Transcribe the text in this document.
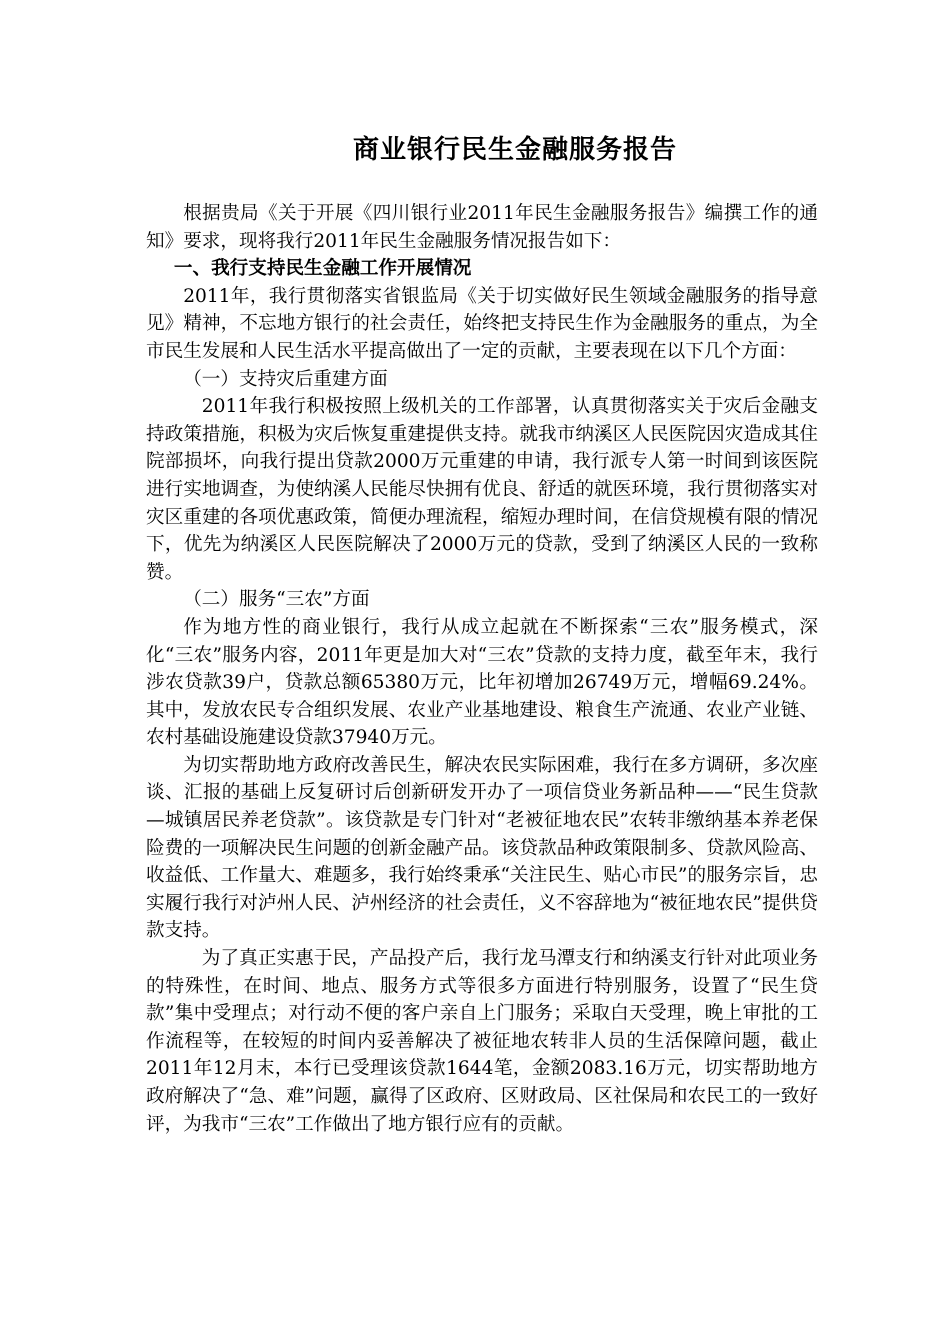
商业银行民生金融服务报告

根据贵局《关于开展《四川银行业2011年民生金融服务报告》编撰工作的通知》要求，现将我行2011年民生金融服务情况报告如下：

一、我行支持民生金融工作开展情况

2011年，我行贯彻落实省银监局《关于切实做好民生领域金融服务的指导意见》精神，不忘地方银行的社会责任，始终把支持民生作为金融服务的重点，为全市民生发展和人民生活水平提高做出了一定的贡献，主要表现在以下几个方面：

（一）支持灾后重建方面

2011年我行积极按照上级机关的工作部署，认真贯彻落实关于灾后金融支持政策措施，积极为灾后恢复重建提供支持。就我市纳溪区人民医院因灾造成其住院部损坏，向我行提出贷款2000万元重建的申请，我行派专人第一时间到该医院进行实地调查，为使纳溪人民能尽快拥有优良、舒适的就医环境，我行贯彻落实对灾区重建的各项优惠政策，简便办理流程，缩短办理时间，在信贷规模有限的情况下，优先为纳溪区人民医院解决了2000万元的贷款，受到了纳溪区人民的一致称赞。

（二）服务“三农”方面

作为地方性的商业银行，我行从成立起就在不断探索“三农”服务模式，深化“三农”服务内容，2011年更是加大对“三农”贷款的支持力度，截至年末，我行涉农贷款39户，贷款总额65380万元，比年初增加26749万元，增幅69.24%。其中，发放农民专合组织发展、农业产业基地建设、粮食生产流通、农业产业链、农村基础设施建设贷款37940万元。

为切实帮助地方政府改善民生，解决农民实际困难，我行在多方调研，多次座谈、汇报的基础上反复研讨后创新研发开办了一项信贷业务新品种——“民生贷款—城镇居民养老贷款”。该贷款是专门针对“老被征地农民”农转非缴纳基本养老保险费的一项解决民生问题的创新金融产品。该贷款品种政策限制多、贷款风险高、收益低、工作量大、难题多，我行始终秉承“关注民生、贴心市民”的服务宗旨，忠实履行我行对泸州人民、泸州经济的社会责任，义不容辞地为“被征地农民”提供贷款支持。

为了真正实惠于民，产品投产后，我行龙马潭支行和纳溪支行针对此项业务的特殊性，在时间、地点、服务方式等很多方面进行特别服务，设置了“民生贷款”集中受理点；对行动不便的客户亲自上门服务；采取白天受理，晚上审批的工作流程等，在较短的时间内妥善解决了被征地农转非人员的生活保障问题，截止2011年12月末，本行已受理该贷款1644笔，金额2083.16万元，切实帮助地方政府解决了“急、难”问题，赢得了区政府、区财政局、区社保局和农民工的一致好评，为我市“三农”工作做出了地方银行应有的贡献。
